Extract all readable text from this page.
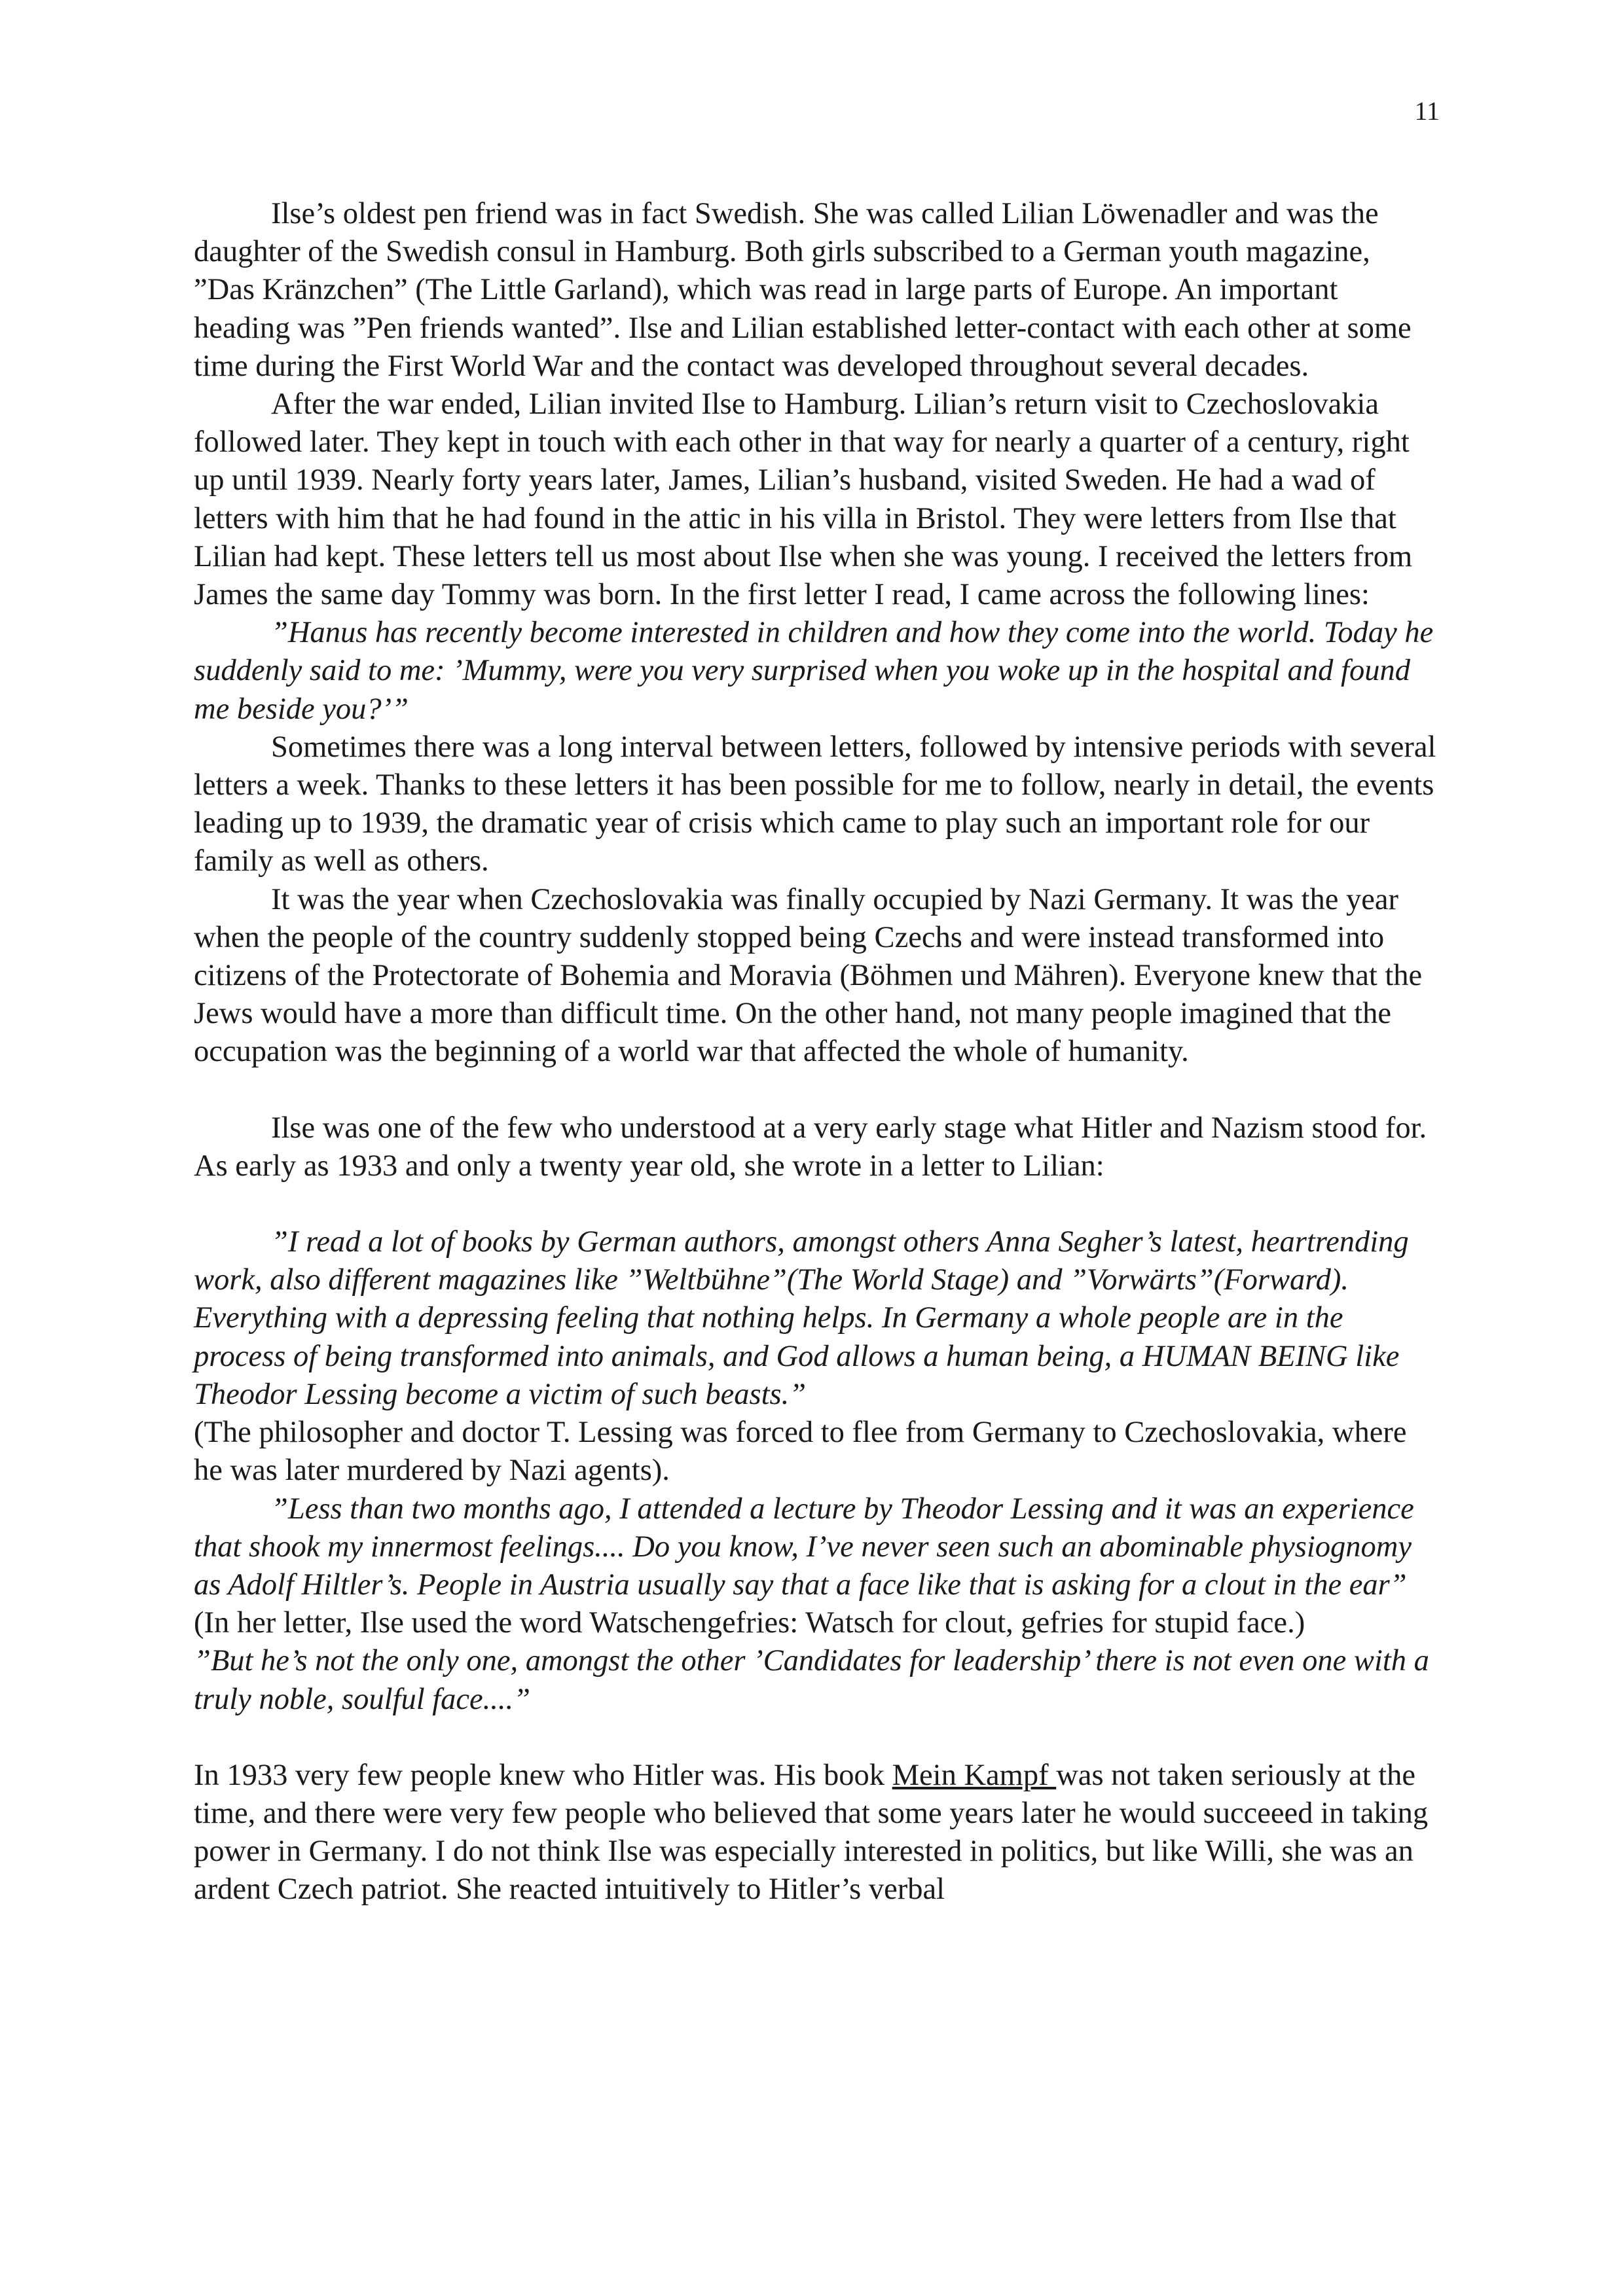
11

Ilse’s oldest pen friend was in fact Swedish. She was called Lilian Löwenadler and was the daughter of the Swedish consul in Hamburg. Both girls subscribed to a German youth magazine, ”Das Kränzchen” (The Little Garland), which was read in large parts of Europe. An important heading was ”Pen friends wanted”. Ilse and Lilian established letter-contact with each other at some time during the First World War and the contact was developed throughout several decades.

After the war ended, Lilian invited Ilse to Hamburg. Lilian’s return visit to Czechoslovakia followed later. They kept in touch with each other in that way for nearly a quarter of a century, right up until 1939. Nearly forty years later, James, Lilian’s husband, visited Sweden. He had a wad of letters with him that he had found in the attic in his villa in Bristol. They were letters from Ilse that Lilian had kept. These letters tell us most about Ilse when she was young. I received the letters from James the same day Tommy was born. In the first letter I read, I came across the following lines:

”Hanus has recently become interested in children and how they come into the world. Today he suddenly said to me: ’Mummy, were you very surprised when you woke up in the hospital and found me beside you?’”

Sometimes there was a long interval between letters, followed by intensive periods with several letters a week. Thanks to these letters it has been possible for me to follow, nearly in detail, the events leading up to 1939, the dramatic year of crisis which came to play such an important role for our family as well as others.

It was the year when Czechoslovakia was finally occupied by Nazi Germany. It was the year when the people of the country suddenly stopped being Czechs and were instead transformed into citizens of the Protectorate of Bohemia and Moravia (Böhmen und Mähren). Everyone knew that the Jews would have a more than difficult time. On the other hand, not many people imagined that the occupation was the beginning of a world war that affected the whole of humanity.

Ilse was one of the few who understood at a very early stage what Hitler and Nazism stood for. As early as 1933 and only a twenty year old, she wrote in a letter to Lilian:

”I read a lot of books by German authors, amongst others Anna Segher’s latest, heartrending work, also different magazines like ”Weltbühne”(The World Stage) and ”Vorwärts”(Forward). Everything with a depressing feeling that nothing helps. In Germany a whole people are in the process of being transformed into animals, and God allows a human being, a HUMAN BEING like Theodor Lessing become a victim of such beasts.”

(The philosopher and doctor T. Lessing was forced to flee from Germany to Czechoslovakia, where he was later murdered by Nazi agents).

”Less than two months ago, I attended a lecture by Theodor Lessing and it was an experience that shook my innermost feelings.... Do you know, I’ve never seen such an abominable physiognomy as Adolf Hiltler’s. People in Austria usually say that a face like that is asking for a clout in the ear”

(In her letter, Ilse used the word Watschengefries: Watsch for clout, gefries for stupid face.)

”But he’s not the only one, amongst the other ’Candidates for leadership’ there is not even one with a truly noble, soulful face....”

In 1933 very few people knew who Hitler was. His book Mein Kampf was not taken seriously at the time, and there were very few people who believed that some years later he would succeeed in taking power in Germany. I do not think Ilse was especially interested in politics, but like Willi, she was an ardent Czech patriot. She reacted intuitively to Hitler’s verbal
